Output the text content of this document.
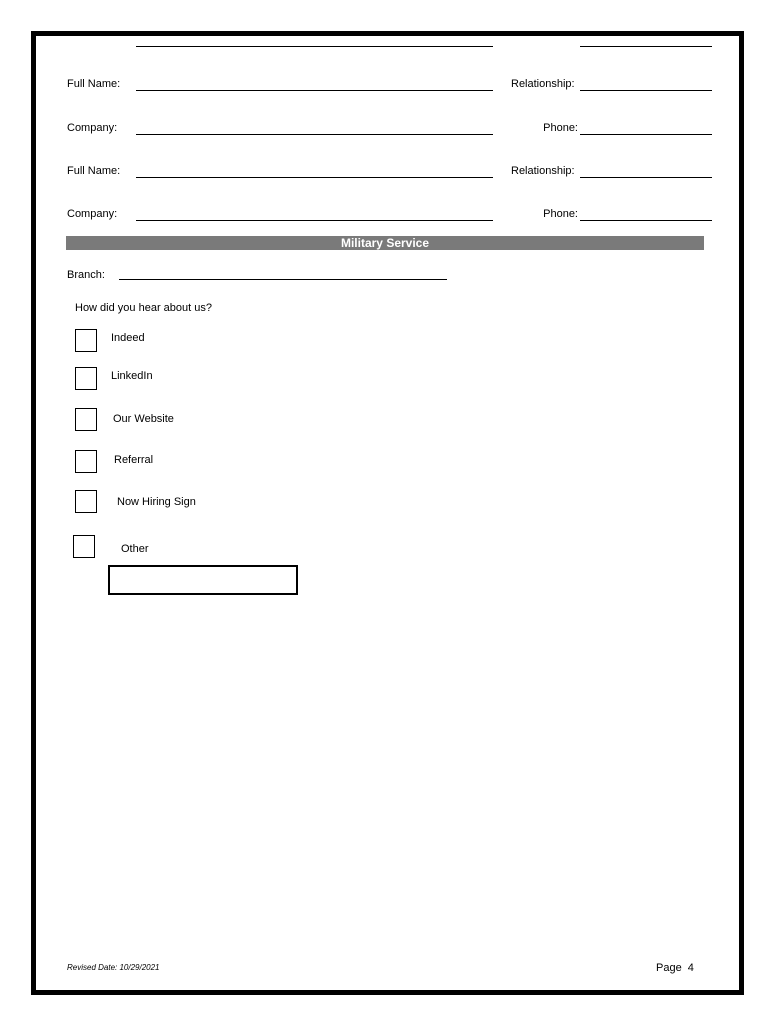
Full Name:	Relationship:
Company:	Phone:
Full Name:	Relationship:
Company:	Phone:
Military Service
Branch:
How did you hear about us?
Indeed
LinkedIn
Our Website
Referral
Now Hiring Sign
Other
Revised Date: 10/29/2021	Page  4
